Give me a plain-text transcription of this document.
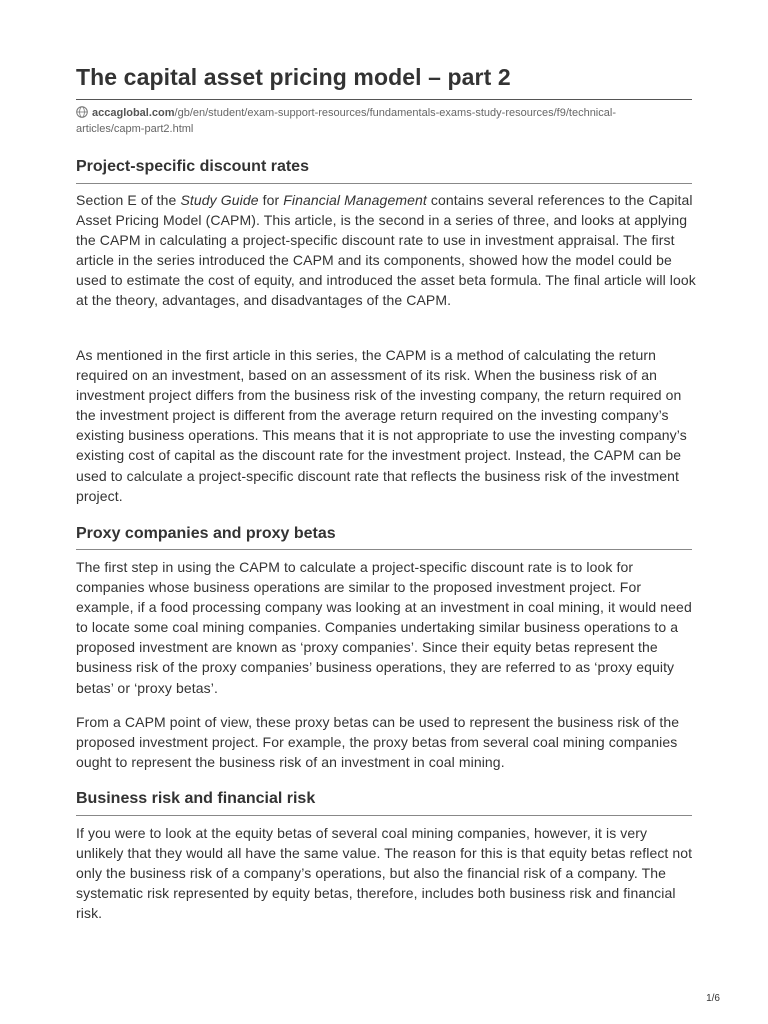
The capital asset pricing model – part 2
accaglobal.com/gb/en/student/exam-support-resources/fundamentals-exams-study-resources/f9/technical-articles/capm-part2.html
Project-specific discount rates

Section E of the Study Guide for Financial Management contains several references to the Capital Asset Pricing Model (CAPM). This article, is the second in a series of three, and looks at applying the CAPM in calculating a project-specific discount rate to use in investment appraisal. The first article in the series introduced the CAPM and its components, showed how the model could be used to estimate the cost of equity, and introduced the asset beta formula. The final article will look at the theory, advantages, and disadvantages of the CAPM.

As mentioned in the first article in this series, the CAPM is a method of calculating the return required on an investment, based on an assessment of its risk. When the business risk of an investment project differs from the business risk of the investing company, the return required on the investment project is different from the average return required on the investing company’s existing business operations. This means that it is not appropriate to use the investing company’s existing cost of capital as the discount rate for the investment project. Instead, the CAPM can be used to calculate a project-specific discount rate that reflects the business risk of the investment project.

Proxy companies and proxy betas

The first step in using the CAPM to calculate a project-specific discount rate is to look for companies whose business operations are similar to the proposed investment project. For example, if a food processing company was looking at an investment in coal mining, it would need to locate some coal mining companies. Companies undertaking similar business operations to a proposed investment are known as ‘proxy companies’. Since their equity betas represent the business risk of the proxy companies’ business operations, they are referred to as ‘proxy equity betas’ or ‘proxy betas’.

From a CAPM point of view, these proxy betas can be used to represent the business risk of the proposed investment project. For example, the proxy betas from several coal mining companies ought to represent the business risk of an investment in coal mining.

Business risk and financial risk

If you were to look at the equity betas of several coal mining companies, however, it is very unlikely that they would all have the same value. The reason for this is that equity betas reflect not only the business risk of a company’s operations, but also the financial risk of a company. The systematic risk represented by equity betas, therefore, includes both business risk and financial risk.

1/6
